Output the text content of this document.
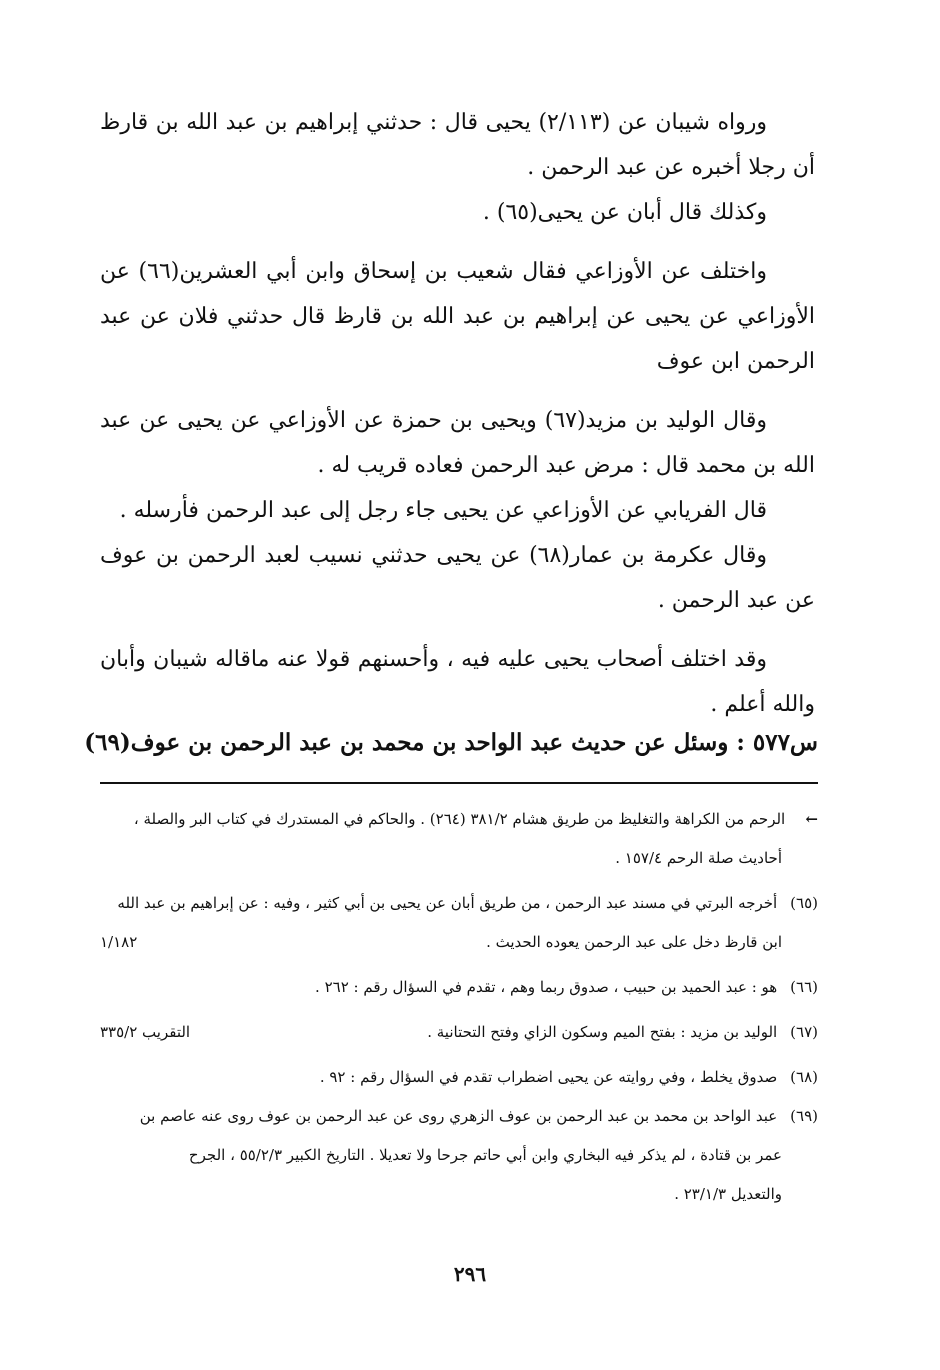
ورواه شيبان عن (٢/١١٣) يحيى قال : حدثني إبراهيم بن عبد الله بن قارظ أن رجلا أخبره عن عبد الرحمن .

وكذلك قال أبان عن يحيى(٦٥) .

واختلف عن الأوزاعي فقال شعيب بن إسحاق وابن أبي العشرين(٦٦) عن الأوزاعي عن يحيى عن إبراهيم بن عبد الله بن قارظ قال حدثني فلان عن عبد الرحمن ابن عوف

وقال الوليد بن مزيد(٦٧) ويحيى بن حمزة عن الأوزاعي عن يحيى عن عبد الله بن محمد قال : مرض عبد الرحمن فعاده قريب له .

قال الفريابي عن الأوزاعي عن يحيى جاء رجل إلى عبد الرحمن فأرسله .

وقال عكرمة بن عمار(٦٨) عن يحيى حدثني نسيب لعبد الرحمن بن عوف عن عبد الرحمن .

وقد اختلف أصحاب يحيى عليه فيه ، وأحسنهم قولا عنه ماقاله شيبان وأبان والله أعلم .

س٥٧٧ : وسئل عن حديث عبد الواحد بن محمد بن عبد الرحمن بن عوف(٦٩)

← الرحم من الكراهة والتغليظ من طريق هشام ٣٨١/٢ (٢٦٤) . والحاكم في المستدرك في كتاب البر والصلة ،
أحاديث صلة الرحم ١٥٧/٤ .

(٦٥) أخرجه البرتي في مسند عبد الرحمن ، من طريق أبان عن يحيى بن أبي كثير ، وفيه : عن إبراهيم بن عبد الله
ابن قارظ دخل على عبد الرحمن يعوده الحديث .
١/١٨٢

(٦٦) هو : عبد الحميد بن حبيب ، صدوق ربما وهم ، تقدم في السؤال رقم : ٢٦٢ .

(٦٧) الوليد بن مزيد : بفتح الميم وسكون الزاي وفتح التحتانية .
التقريب ٣٣٥/٢

(٦٨) صدوق يخلط ، وفي روايته عن يحيى اضطراب تقدم في السؤال رقم : ٩٢ .

(٦٩) عبد الواحد بن محمد بن عبد الرحمن بن عوف الزهري روى عن عبد الرحمن بن عوف روى عنه عاصم بن
عمر بن قتادة ، لم يذكر فيه البخاري وابن أبي حاتم جرحا ولا تعديلا . التاريخ الكبير ٥٥/٢/٣ ، الجرح
والتعديل ٢٣/١/٣ .

٢٩٦
